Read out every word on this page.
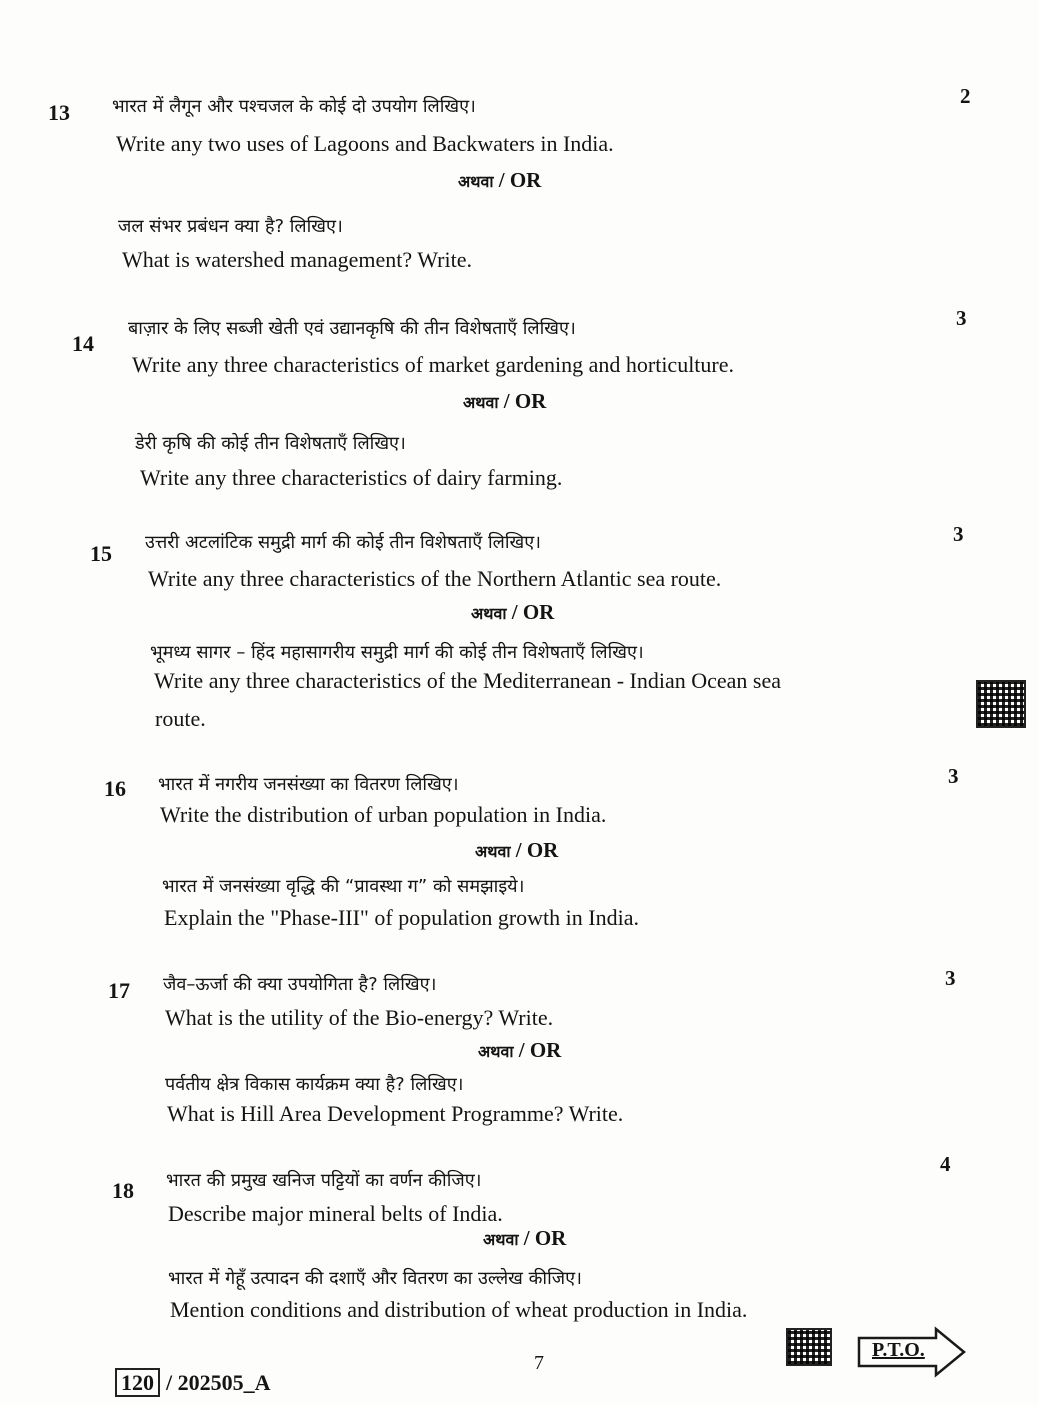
13
2
भारत में लैगून और पश्चजल के कोई दो उपयोग लिखिए।
Write any two uses of Lagoons and Backwaters in India.
अथवा / OR
जल संभर प्रबंधन क्या है? लिखिए।
What is watershed management? Write.
14
3
बाज़ार के लिए सब्जी खेती एवं उद्यानकृषि की तीन विशेषताएँ लिखिए।
Write any three characteristics of market gardening and horticulture.
अथवा / OR
डेरी कृषि की कोई तीन विशेषताएँ लिखिए।
Write any three characteristics of dairy farming.
15
3
उत्तरी अटलांटिक समुद्री मार्ग की कोई तीन विशेषताएँ लिखिए।
Write any three characteristics of the Northern Atlantic sea route.
अथवा / OR
भूमध्य सागर – हिंद महासागरीय समुद्री मार्ग की कोई तीन विशेषताएँ लिखिए।
Write any three characteristics of the Mediterranean - Indian Ocean sea
route.
16	3
भारत में नगरीय जनसंख्या का वितरण लिखिए।
Write the distribution of urban population in India.
अथवा / OR
भारत में जनसंख्या वृद्धि की “प्रावस्था ग” को समझाइये।
Explain the "Phase-III" of population growth in India.
17	3
जैव–ऊर्जा की क्या उपयोगिता है? लिखिए।
What is the utility of the Bio-energy? Write.
अथवा / OR
पर्वतीय क्षेत्र विकास कार्यक्रम क्या है? लिखिए।
What is Hill Area Development Programme? Write.
18
4
भारत की प्रमुख खनिज पट्टियों का वर्णन कीजिए।
Describe major mineral belts of India.
अथवा / OR
भारत में गेहूँ उत्पादन की दशाएँ और वितरण का उल्लेख कीजिए।
Mention conditions and distribution of wheat production in India.
7
120 / 202505_A
P.T.O.
